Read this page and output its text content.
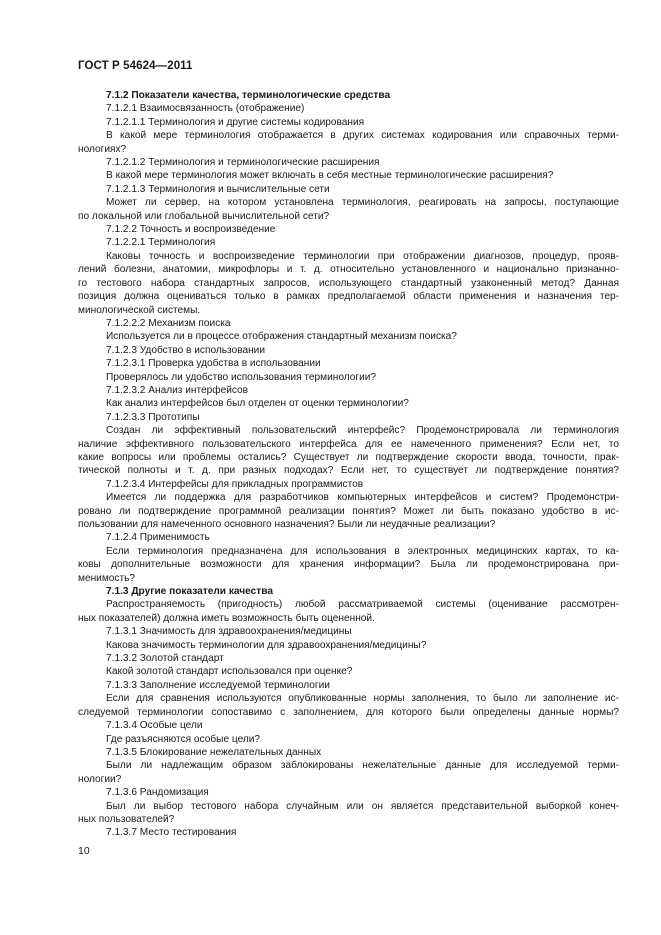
ГОСТ Р 54624—2011
7.1.2 Показатели качества, терминологические средства
7.1.2.1 Взаимосвязанность (отображение)
7.1.2.1.1 Терминология и другие системы кодирования
В какой мере терминология отображается в других системах кодирования или справочных терми-
нологиях?
7.1.2.1.2 Терминология и терминологические расширения
В какой мере терминология может включать в себя местные терминологические расширения?
7.1.2.1.3 Терминология и вычислительные сети
Может ли сервер, на котором установлена терминология, реагировать на запросы, поступающие
по локальной или глобальной вычислительной сети?
7.1.2.2 Точность и воспроизведение
7.1.2.2.1 Терминология
Каковы точность и воспроизведение терминологии при отображении диагнозов, процедур, прояв-
лений болезни, анатомии, микрофлоры и т. д. относительно установленного и национально признанно-
го тестового набора стандартных запросов, использующего стандартный узаконенный метод? Данная
позиция должна оцениваться только в рамках предполагаемой области применения и назначения тер-
минологической системы.
7.1.2.2.2 Механизм поиска
Используется ли в процессе отображения стандартный механизм поиска?
7.1.2.3 Удобство в использовании
7.1.2.3.1 Проверка удобства в использовании
Проверялось ли удобство использования терминологии?
7.1.2.3.2 Анализ интерфейсов
Как анализ интерфейсов был отделен от оценки терминологии?
7.1.2.3.3 Прототипы
Создан ли эффективный пользовательский интерфейс? Продемонстрировала ли терминология
наличие эффективного пользовательского интерфейса для ее намеченного применения? Если нет, то
какие вопросы или проблемы остались? Существует ли подтверждение скорости ввода, точности, прак-
тической полноты и т. д. при разных подходах? Если нет, то существует ли подтверждение понятия?
7.1.2.3.4 Интерфейсы для прикладных программистов
Имеется ли поддержка для разработчиков компьютерных интерфейсов и систем? Продемонстри-
ровано ли подтверждение программной реализации понятия? Может ли быть показано удобство в ис-
пользовании для намеченного основного назначения? Были ли неудачные реализации?
7.1.2.4 Применимость
Если терминология предназначена для использования в электронных медицинских картах, то ка-
ковы дополнительные возможности для хранения информации? Была ли продемонстрирована при-
менимость?
7.1.3 Другие показатели качества
Распространяемость (пригодность) любой рассматриваемой системы (оценивание рассмотрен-
ных показателей) должна иметь возможность быть оцененной.
7.1.3.1 Значимость для здравоохранения/медицины
Какова значимость терминологии для здравоохранения/медицины?
7.1.3.2 Золотой стандарт
Какой золотой стандарт использовался при оценке?
7.1.3.3 Заполнение исследуемой терминологии
Если для сравнения используются опубликованные нормы заполнения, то было ли заполнение ис-
следуемой терминологии сопоставимо с заполнением, для которого были определены данные нормы?
7.1.3.4 Особые цели
Где разъясняются особые цели?
7.1.3.5 Блокирование нежелательных данных
Были ли надлежащим образом заблокированы нежелательные данные для исследуемой терми-
нологии?
7.1.3.6 Рандомизация
Был ли выбор тестового набора случайным или он является представительной выборкой конеч-
ных пользователей?
7.1.3.7 Место тестирования
10
